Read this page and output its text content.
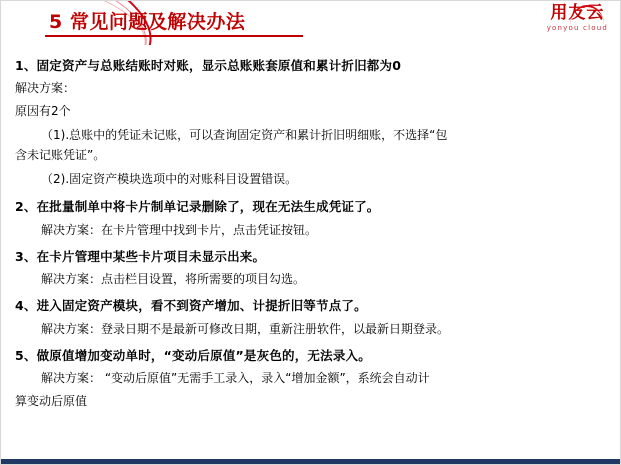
5 常见问题及解决办法	用友云
yonyou cloud
1、固定资产与总账结账时对账，显示总账账套原值和累计折旧都为0
解决方案：
原因有2个
（1).总账中的凭证未记账，可以查询固定资产和累计折旧明细账，不选择“包
含未记账凭证”。
（2).固定资产模块选项中的对账科目设置错误。
2、在批量制单中将卡片制单记录删除了，现在无法生成凭证了。
解决方案：在卡片管理中找到卡片，点击凭证按钮。
3、在卡片管理中某些卡片项目未显示出来。
解决方案：点击栏目设置，将所需要的项目勾选。
4、进入固定资产模块，看不到资产增加、计提折旧等节点了。
解决方案：登录日期不是最新可修改日期，重新注册软件，以最新日期登录。
5、做原值增加变动单时，“变动后原值”是灰色的，无法录入。
解决方案： “变动后原值”无需手工录入，录入“增加金额”，系统会自动计
算变动后原值
